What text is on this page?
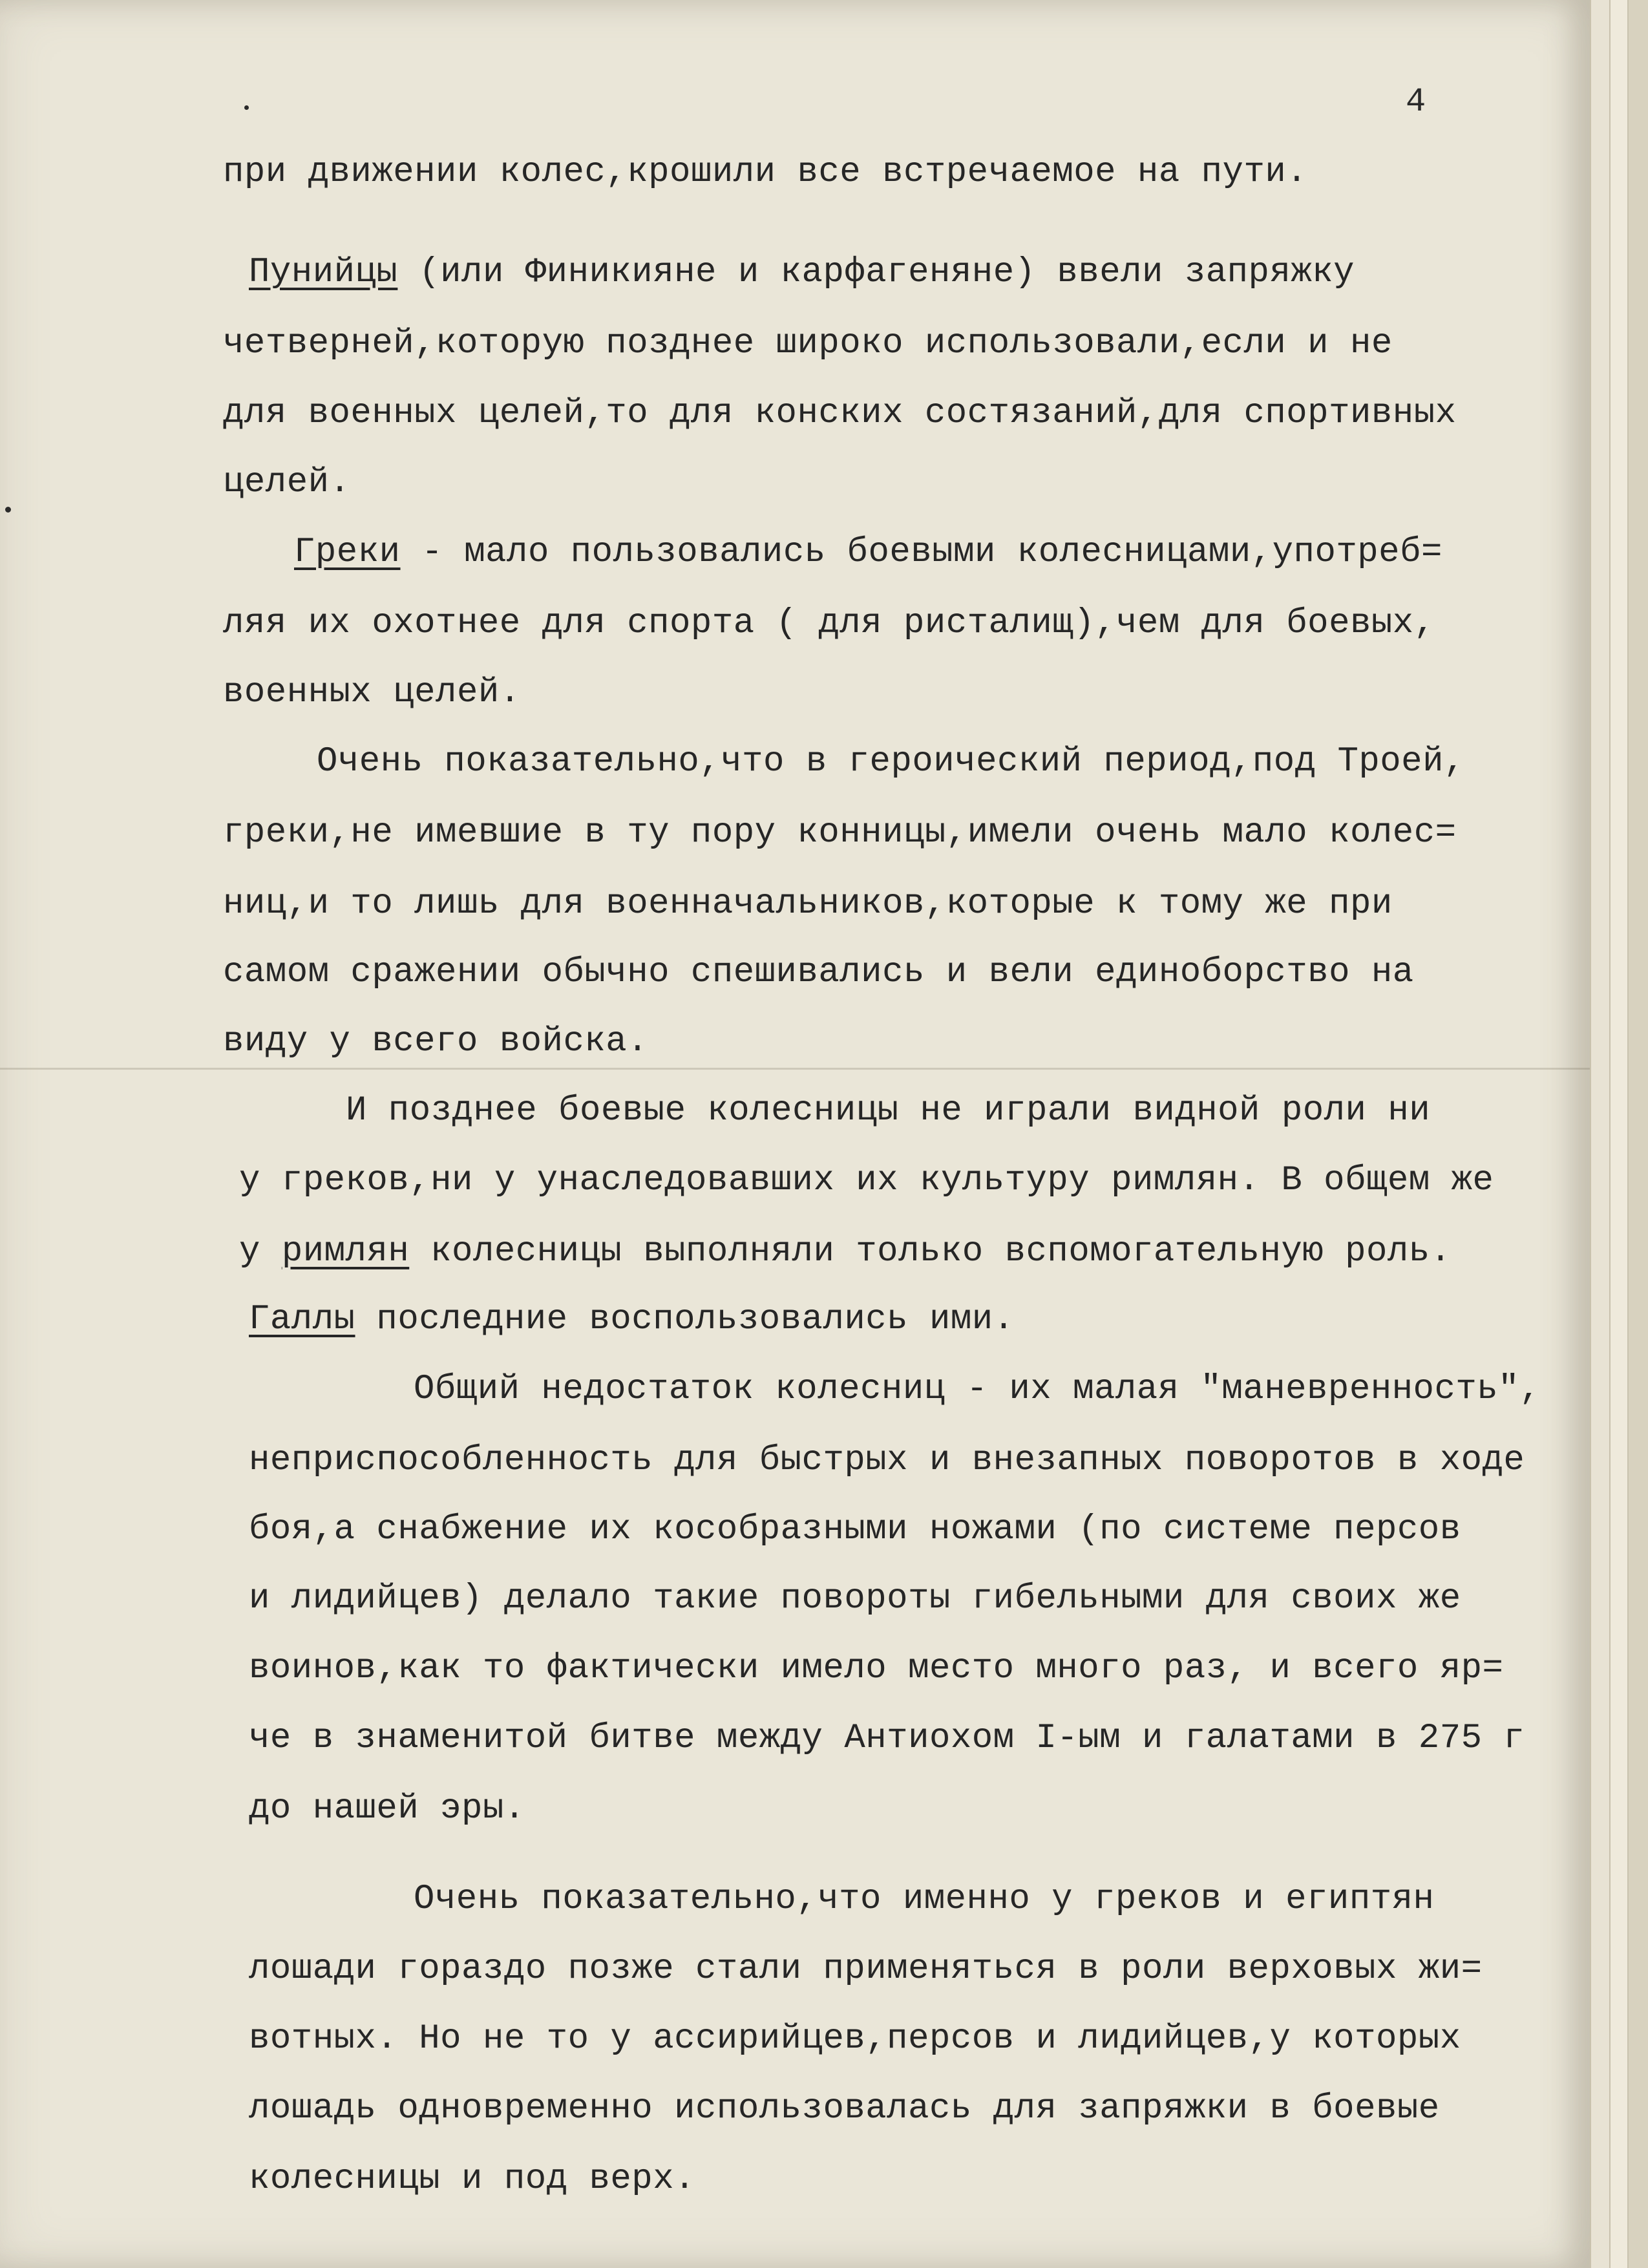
4
при движении колес,крошили все встречаемое на пути.
Пунийцы (или Финикияне и карфагеняне) ввели запряжку
четверней,которую позднее широко использовали,если и не
для военных целей,то для конских состязаний,для спортивных
целей.
Греки - мало пользовались боевыми колесницами,употреб=
ляя их охотнее для спорта ( для ристалищ),чем для боевых,
военных целей.
Очень показательно,что в героический период,под Троей,
греки,не имевшие в ту пору конницы,имели очень мало колес=
ниц,и то лишь для военначальников,которые к тому же при
самом сражении обычно спешивались и вели единоборство на
виду у всего войска.
И позднее боевые колесницы не играли видной роли ни
у греков,ни у унаследовавших их культуру римлян. В общем же
у римлян колесницы выполняли только вспомогательную роль.
Галлы последние воспользовались ими.
Общий недостаток колесниц - их малая "маневренность",
неприспособленность для быстрых и внезапных поворотов в ходе
боя,а снабжение их кособразными ножами (по системе персов
и лидийцев) делало такие повороты гибельными для своих же
воинов,как то фактически имело место много раз, и всего яр=
че в знаменитой битве между Антиохом I-ым и галатами в 275 г
до нашей эры.
Очень показательно,что именно у греков и египтян
лошади гораздо позже стали применяться в роли верховых жи=
вотных. Но не то у ассирийцев,персов и лидийцев,у которых
лошадь одновременно использовалась для запряжки в боевые
колесницы и под верх.
